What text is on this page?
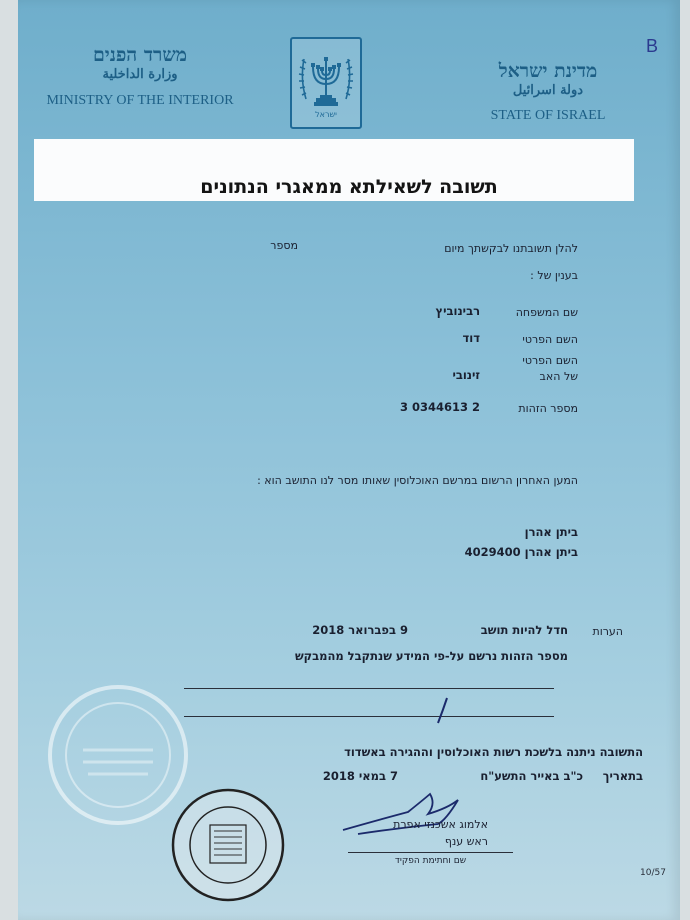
משרד הפנים
وزارة الداخلية
MINISTRY OF THE INTERIOR
ישראל
מדינת ישראל
دولة اسرائيل
STATE OF ISRAEL
B
תשובה לשאילתא ממאגרי הנתונים
להלן תשובתנו לבקשתך מיום
מספר
בענין של :
שם המשפחה
רבינוביץ
השם הפרטי
דוד
השם הפרטי
של האב
זינובי
מספר הזהות
3 0344613 2
המען האחרון הרשום במרשם האוכלוסין שאותו מסר לנו התושב הוא :
ביתן אהרן
ביתן אהרן 4029400
הערות
חדל להיות תושב
9 בפברואר 2018
מספר הזהות נרשם על-פי המידע שנתקבל מהמבקש
התשובה ניתנה בלשכת רשות האוכלוסין וההגירה באשדוד
בתאריך
כ"ב באייר התשע"ח
7 במאי 2018
אלמוג אשכנזי אפרת
ראש ענף
שם וחתימת הפקיד
10/57
